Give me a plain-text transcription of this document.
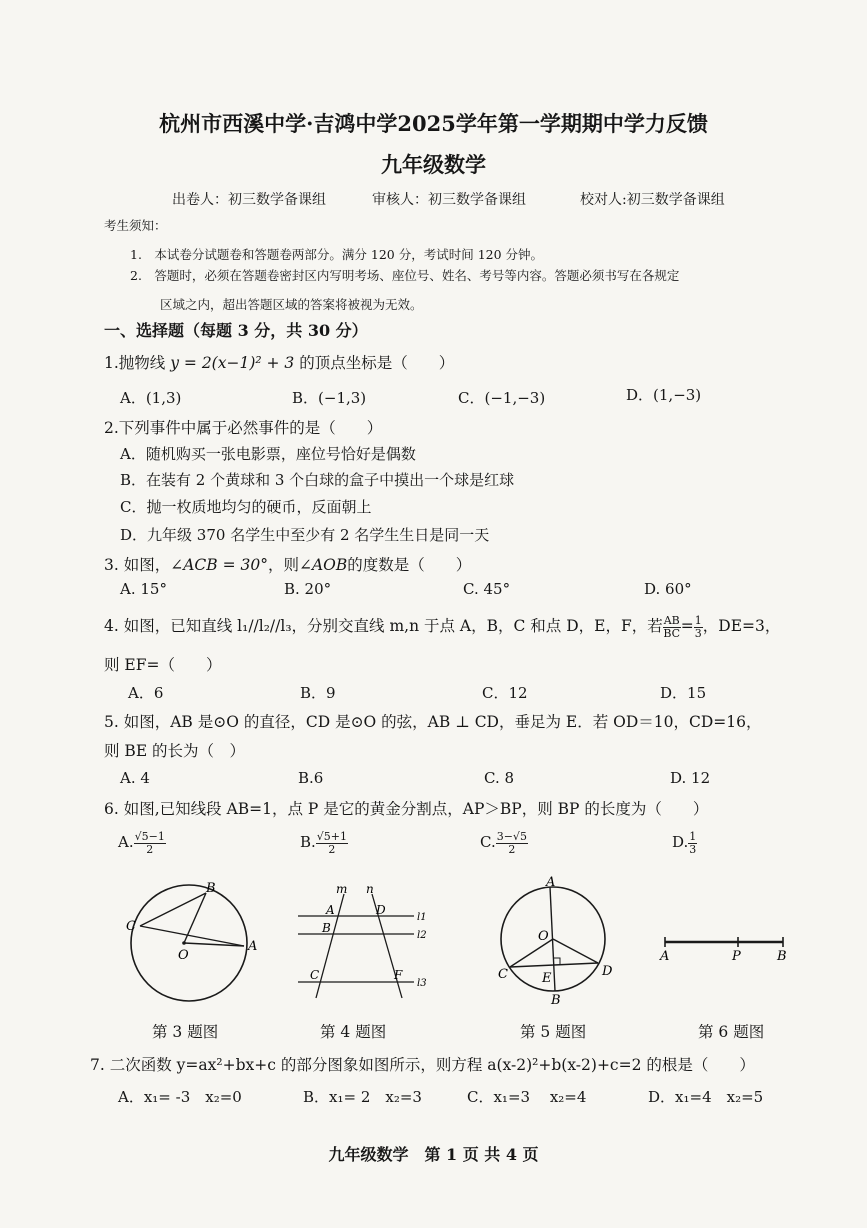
杭州市西溪中学·吉鸿中学2025学年第一学期期中学力反馈
九年级数学
出卷人：初三数学备课组	审核人：初三数学备课组	校对人:初三数学备课组
考生须知：
1.　本试卷分试题卷和答题卷两部分。满分 120 分，考试时间 120 分钟。
2.　答题时，必须在答题卷密封区内写明考场、座位号、姓名、考号等内容。答题必须书写在各规定
区域之内，超出答题区域的答案将被视为无效。
一、选择题（每题 3 分，共 30 分）
1.抛物线 y = 2(x−1)² + 3 的顶点坐标是（　　）
A．(1,3)	B．(−1,3)	C．(−1,−3)	D．(1,−3)
2.下列事件中属于必然事件的是（　　）
A．随机购买一张电影票，座位号恰好是偶数
B．在装有 2 个黄球和 3 个白球的盒子中摸出一个球是红球
C．抛一枚质地均匀的硬币，反面朝上
D．九年级 370 名学生中至少有 2 名学生生日是同一天
3. 如图，∠ACB = 30°，则∠AOB的度数是（　　）
A. 15°	B. 20°	C. 45°	D. 60°
4. 如图，已知直线 l₁//l₂//l₃，分别交直线 m,n 于点 A，B，C 和点 D，E，F，若 $\frac{AB}{BC} = \frac{1}{3}$ ，DE=3，
则 EF=（　　）
A．6	B．9	C．12	D．15
5. 如图，AB 是⊙O 的直径，CD 是⊙O 的弦，AB ⊥ CD，垂足为 E．若 OD＝10，CD=16，
则 BE 的长为（　）
A. 4	B.6	C. 8	D. 12
6. 如图,已知线段 AB=1，点 P 是它的黄金分割点，AP＞BP，则 BP 的长度为（　　）
A. $\frac{√5-1}{2}$	B. $\frac{√5+1}{2}$	C. $\frac{3-√5}{2}$	D. $\frac{1}{3}$
B
C
A
O
第 3 题图
m n
A
B
C
D
F
l1
l2
l3
第 4 题图
A
O
C	D
E
B
第 5 题图
A	P	B
第 6 题图
7. 二次函数 y=ax²+bx+c 的部分图象如图所示，则方程 a(x-2)²+b(x-2)+c=2 的根是（　　）
A．x₁= -3　x₂=0	B．x₁= 2　x₂=3	C．x₁=3　 x₂=4	D．x₁=4　x₂=5
九年级数学　第 1 页 共 4 页
